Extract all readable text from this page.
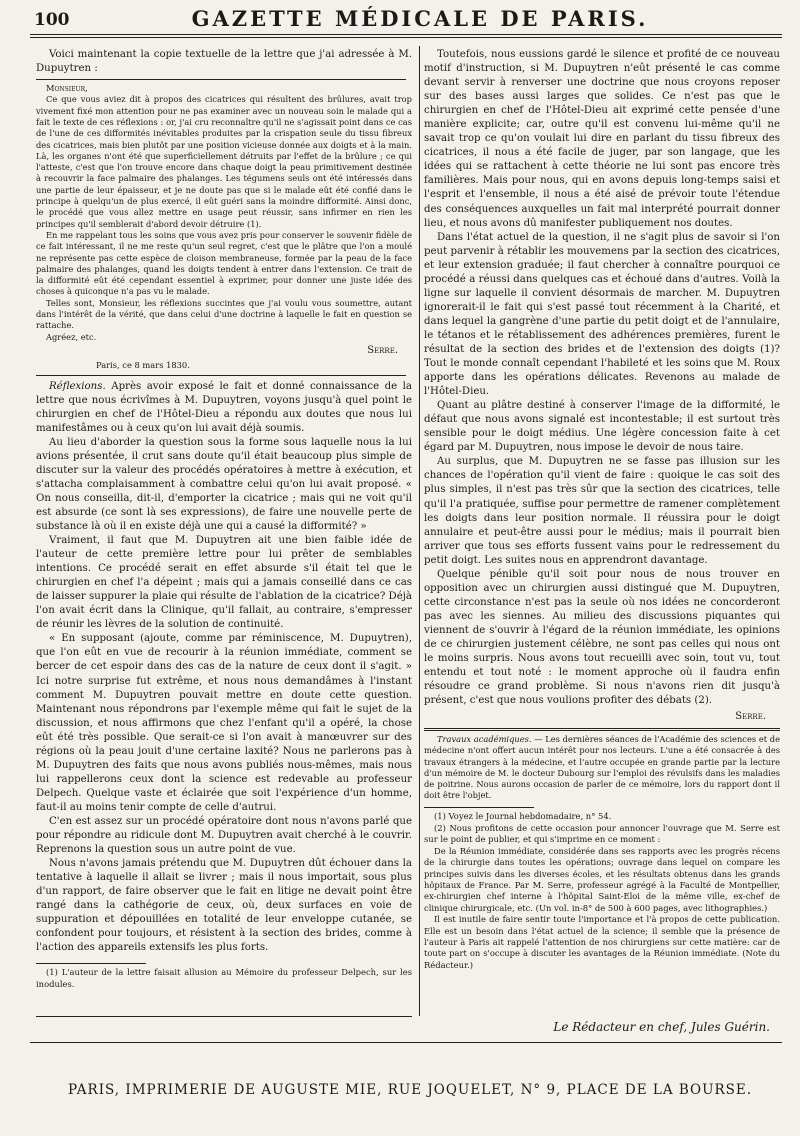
100	GAZETTE MÉDICALE DE PARIS.

Voici maintenant la copie textuelle de la lettre que j'ai adressée à M. Dupuytren :

Monsieur,

Ce que vous aviez dit à propos des cicatrices qui résultent des brûlures, avait trop vivement fixé mon attention pour ne pas examiner avec un nouveau soin le malade qui a fait le texte de ces réflexions : or, j'ai cru reconnaître qu'il ne s'agissait point dans ce cas de l'une de ces difformités inévitables produites par la crispation seule du tissu fibreux des cicatrices, mais bien plutôt par une position vicieuse donnée aux doigts et à la main. Là, les organes n'ont été que superficiellement détruits par l'effet de la brûlure ; ce qui l'atteste, c'est que l'on trouve encore dans chaque doigt la peau primitivement destinée à recouvrir la face palmaire des phalanges. Les tégumens seuls ont été intéressés dans une partie de leur épaisseur, et je ne doute pas que si le malade eût été confié dans le principe à quelqu'un de plus exercé, il eût guéri sans la moindre difformité. Ainsi donc, le procédé que vous allez mettre en usage peut réussir, sans infirmer en rien les principes qu'il semblerait d'abord devoir détruire (1).

En me rappelant tous les soins que vous avez pris pour conserver le souvenir fidèle de ce fait intéressant, il ne me reste qu'un seul regret, c'est que le plâtre que l'on a moulé ne représente pas cette espèce de cloison membraneuse, formée par la peau de la face palmaire des phalanges, quand les doigts tendent à entrer dans l'extension. Ce trait de la difformité eût été cependant essentiel à exprimer, pour donner une juste idée des choses à quiconque n'a pas vu le malade.

Telles sont, Monsieur, les réflexions succintes que j'ai voulu vous soumettre, autant dans l'intérêt de la vérité, que dans celui d'une doctrine à laquelle le fait en question se rattache.

Agréez, etc.

Serre.

Paris, ce 8 mars 1830.

Réflexions. Après avoir exposé le fait et donné connaissance de la lettre que nous écrivîmes à M. Dupuytren, voyons jusqu'à quel point le chirurgien en chef de l'Hôtel-Dieu a répondu aux doutes que nous lui manifestâmes ou à ceux qu'on lui avait déjà soumis.

Au lieu d'aborder la question sous la forme sous laquelle nous la lui avions présentée, il crut sans doute qu'il était beaucoup plus simple de discuter sur la valeur des procédés opératoires à mettre à exécution, et s'attacha complaisamment à combattre celui qu'on lui avait proposé. « On nous conseilla, dit-il, d'emporter la cicatrice ; mais qui ne voit qu'il est absurde (ce sont là ses expressions), de faire une nouvelle perte de substance là où il en existe déjà une qui a causé la difformité? »

Vraiment, il faut que M. Dupuytren ait une bien faible idée de l'auteur de cette première lettre pour lui prêter de semblables intentions. Ce procédé serait en effet absurde s'il était tel que le chirurgien en chef l'a dépeint ; mais qui a jamais conseillé dans ce cas de laisser suppurer la plaie qui résulte de l'ablation de la cicatrice? Déjà l'on avait écrit dans la Clinique, qu'il fallait, au contraire, s'empresser de réunir les lèvres de la solution de continuité.

« En supposant (ajoute, comme par réminiscence, M. Dupuytren), que l'on eût en vue de recourir à la réunion immédiate, comment se bercer de cet espoir dans des cas de la nature de ceux dont il s'agit. » Ici notre surprise fut extrême, et nous nous demandâmes à l'instant comment M. Dupuytren pouvait mettre en doute cette question. Maintenant nous répondrons par l'exemple même qui fait le sujet de la discussion, et nous affirmons que chez l'enfant qu'il a opéré, la chose eût été très possible. Que serait-ce si l'on avait à manœuvrer sur des régions où la peau jouit d'une certaine laxité? Nous ne parlerons pas à M. Dupuytren des faits que nous avons publiés nous-mêmes, mais nous lui rappellerons ceux dont la science est redevable au professeur Delpech. Quelque vaste et éclairée que soit l'expérience d'un homme, faut-il au moins tenir compte de celle d'autrui.

C'en est assez sur un procédé opératoire dont nous n'avons parlé que pour répondre au ridicule dont M. Dupuytren avait cherché à le couvrir. Reprenons la question sous un autre point de vue.

Nous n'avons jamais prétendu que M. Dupuytren dût échouer dans la tentative à laquelle il allait se livrer ; mais il nous importait, sous plus d'un rapport, de faire observer que le fait en litige ne devait point être rangé dans la cathégorie de ceux, où, deux surfaces en voie de suppuration et dépouillées en totalité de leur enveloppe cutanée, se confondent pour toujours, et résistent à la section des brides, comme à l'action des appareils extensifs les plus forts.

(1) L'auteur de la lettre faisait allusion au Mémoire du professeur Delpech, sur les inodules.

Toutefois, nous eussions gardé le silence et profité de ce nouveau motif d'instruction, si M. Dupuytren n'eût présenté le cas comme devant servir à renverser une doctrine que nous croyons reposer sur des bases aussi larges que solides. Ce n'est pas que le chirurgien en chef de l'Hôtel-Dieu ait exprimé cette pensée d'une manière explicite; car, outre qu'il est convenu lui-même qu'il ne savait trop ce qu'on voulait lui dire en parlant du tissu fibreux des cicatrices, il nous a été facile de juger, par son langage, que les idées qui se rattachent à cette théorie ne lui sont pas encore très familières. Mais pour nous, qui en avons depuis long-temps saisi et l'esprit et l'ensemble, il nous a été aisé de prévoir toute l'étendue des conséquences auxquelles un fait mal interprété pourrait donner lieu, et nous avons dû manifester publiquement nos doutes.

Dans l'état actuel de la question, il ne s'agit plus de savoir si l'on peut parvenir à rétablir les mouvemens par la section des cicatrices, et leur extension graduée; il faut chercher à connaître pourquoi ce procédé a réussi dans quelques cas et échoué dans d'autres. Voilà la ligne sur laquelle il convient désormais de marcher. M. Dupuytren ignorerait-il le fait qui s'est passé tout récemment à la Charité, et dans lequel la gangrène d'une partie du petit doigt et de l'annulaire, le tétanos et le rétablissement des adhérences premières, furent le résultat de la section des brides et de l'extension des doigts (1)? Tout le monde connaît cependant l'habileté et les soins que M. Roux apporte dans les opérations délicates. Revenons au malade de l'Hôtel-Dieu.

Quant au plâtre destiné à conserver l'image de la difformité, le défaut que nous avons signalé est incontestable; il est surtout très sensible pour le doigt médius. Une légère concession faite à cet égard par M. Dupuytren, nous impose le devoir de nous taire.

Au surplus, que M. Dupuytren ne se fasse pas illusion sur les chances de l'opération qu'il vient de faire : quoique le cas soit des plus simples, il n'est pas très sûr que la section des cicatrices, telle qu'il l'a pratiquée, suffise pour permettre de ramener complètement les doigts dans leur position normale. Il réussira pour le doigt annulaire et peut-être aussi pour le médius; mais il pourrait bien arriver que tous ses efforts fussent vains pour le redressement du petit doigt. Les suites nous en apprendront davantage.

Quelque pénible qu'il soit pour nous de nous trouver en opposition avec un chirurgien aussi distingué que M. Dupuytren, cette circonstance n'est pas la seule où nos idées ne concorderont pas avec les siennes. Au milieu des discussions piquantes qui viennent de s'ouvrir à l'égard de la réunion immédiate, les opinions de ce chirurgien justement célèbre, ne sont pas celles qui nous ont le moins surpris. Nous avons tout recueilli avec soin, tout vu, tout entendu et tout noté : le moment approche où il faudra enfin résoudre ce grand problème. Si nous n'avons rien dit jusqu'à présent, c'est que nous voulions profiter des débats (2).

Serre.

Travaux académiques. — Les dernières séances de l'Académie des sciences et de médecine n'ont offert aucun intérêt pour nos lecteurs. L'une a été consacrée à des travaux étrangers à la médecine, et l'autre occupée en grande partie par la lecture d'un mémoire de M. le docteur Dubourg sur l'emploi des révulsifs dans les maladies de poitrine. Nous aurons occasion de parler de ce mémoire, lors du rapport dont il doit être l'objet.

(1) Voyez le Journal hebdomadaire, n° 54.

(2) Nous profitons de cette occasion pour annoncer l'ouvrage que M. Serre est sur le point de publier, et qui s'imprime en ce moment :

De la Réunion immédiate, considérée dans ses rapports avec les progrès récens de la chirurgie dans toutes les opérations; ouvrage dans lequel on compare les principes suivis dans les diverses écoles, et les résultats obtenus dans les grands hôpitaux de France. Par M. Serre, professeur agrégé à la Faculté de Montpellier, ex-chirurgien chef interne à l'hôpital Saint-Eloi de la même ville, ex-chef de clinique chirurgicale, etc. (Un vol. in-8° de 500 à 600 pages, avec lithographies.)

Il est inutile de faire sentir toute l'importance et l'à propos de cette publication. Elle est un besoin dans l'état actuel de la science; il semble que la présence de l'auteur à Paris ait rappelé l'attention de nos chirurgiens sur cette matière: car de toute part on s'occupe à discuter les avantages de la Réunion immédiate. (Note du Rédacteur.)

Le Rédacteur en chef, Jules Guérin.
PARIS, IMPRIMERIE DE AUGUSTE MIE, RUE JOQUELET, N° 9, PLACE DE LA BOURSE.
